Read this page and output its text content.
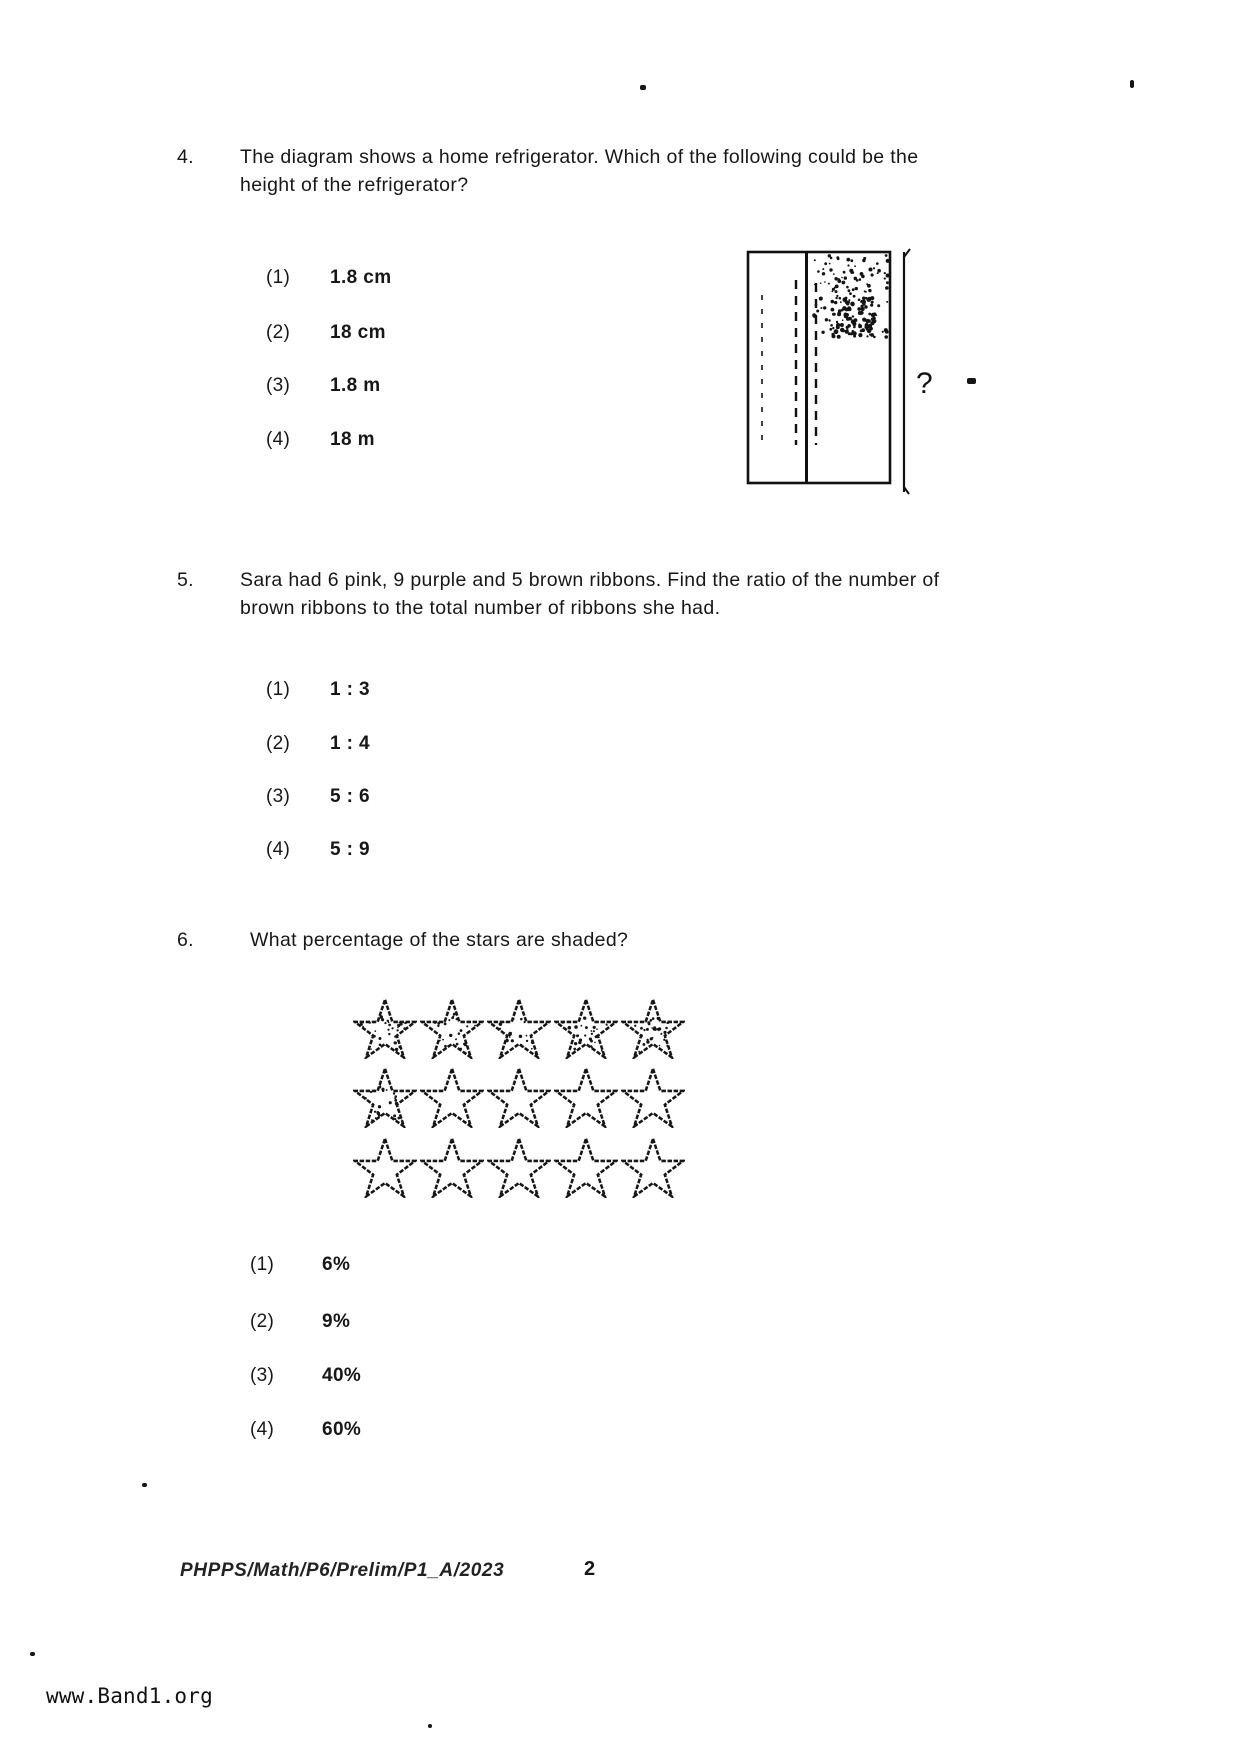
4. The diagram shows a home refrigerator. Which of the following could be the
height of the refrigerator?
(1) 1.8 cm
(2) 18 cm
(3) 1.8 m
(4) 18 m
?
5. Sara had 6 pink, 9 purple and 5 brown ribbons. Find the ratio of the number of
brown ribbons to the total number of ribbons she had.
(1) 1 : 3
(2) 1 : 4
(3) 5 : 6
(4) 5 : 9
6.	What percentage of the stars are shaded?
(1)	6%
(2)	9%
(3)	40%
(4)	60%
PHPPS/Math/P6/Prelim/P1_A/2023	2
www.Band1.org
